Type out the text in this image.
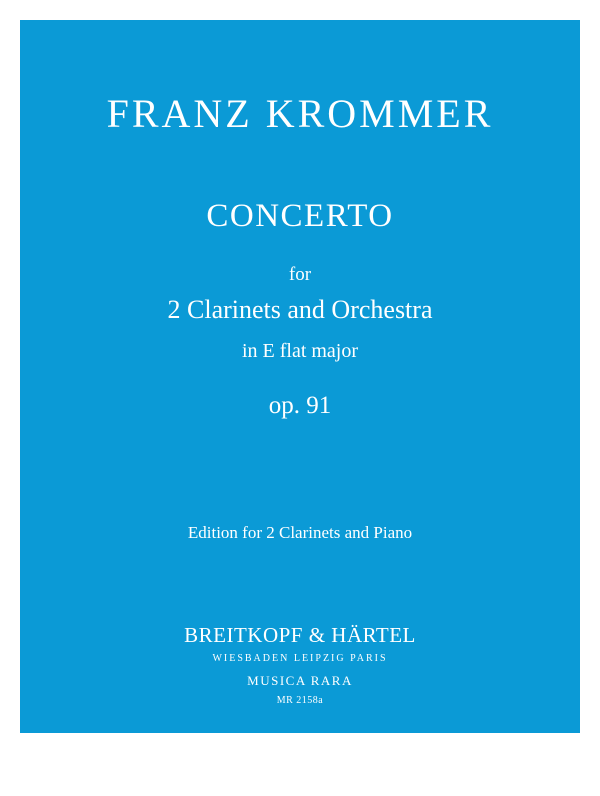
FRANZ KROMMER
CONCERTO
for
2 Clarinets and Orchestra
in E flat major
op. 91
Edition for 2 Clarinets and Piano
BREITKOPF & HÄRTEL
WIESBADEN LEIPZIG PARIS
MUSICA RARA
MR 2158a
